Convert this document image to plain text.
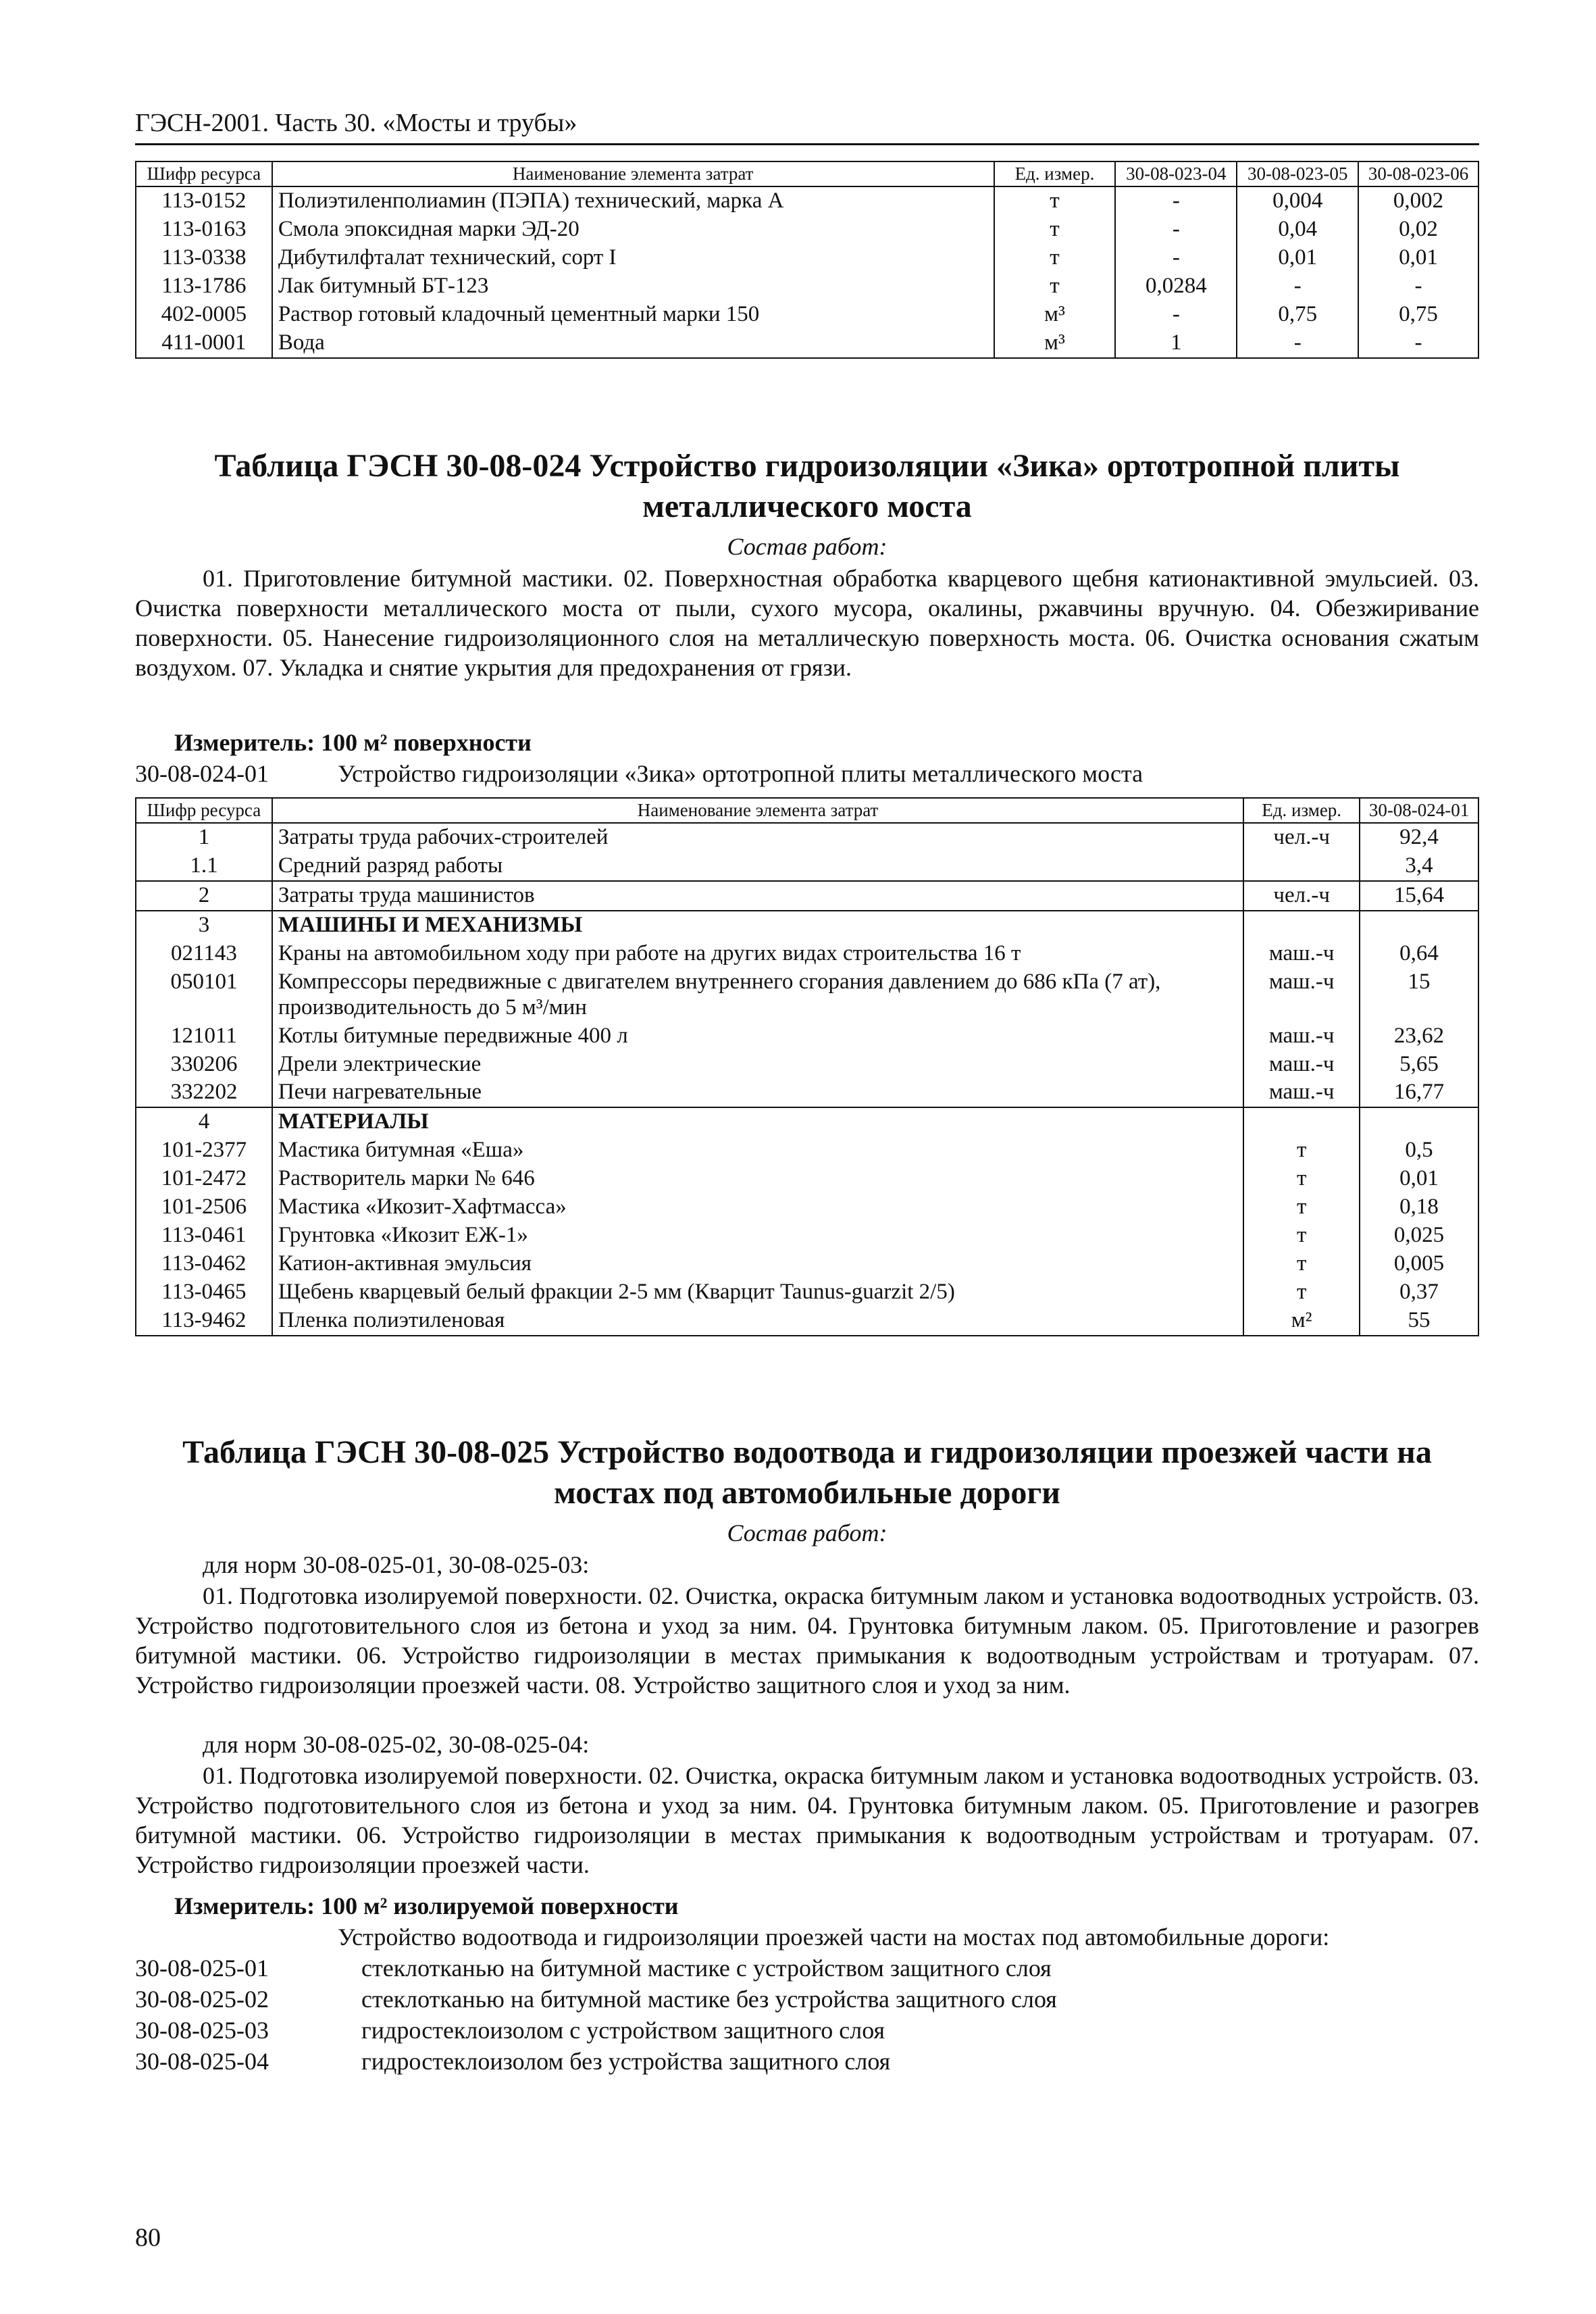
ГЭСН-2001. Часть 30. «Мосты и трубы»
Шифр ресурса	Наименование элемента затрат	Ед. измер.	30-08-023-04	30-08-023-05	30-08-023-06
113-0152	Полиэтиленполиамин (ПЭПА) технический, марка А	т	-	0,004	0,002
113-0163	Смола эпоксидная марки ЭД-20	т	-	0,04	0,02
113-0338	Дибутилфталат технический, сорт I	т	-	0,01	0,01
113-1786	Лак битумный БТ-123	т	0,0284	-	-
402-0005	Раствор готовый кладочный цементный марки 150	м³	-	0,75	0,75
411-0001	Вода	м³	1	-	-
Таблица ГЭСН 30-08-024 Устройство гидроизоляции «Зика» ортотропной плиты
металлического моста
Состав работ:
01. Приготовление битумной мастики. 02. Поверхностная обработка кварцевого щебня катионактивной эмульсией. 03. Очистка поверхности металлического моста от пыли, сухого мусора, окалины, ржавчины вручную. 04. Обезжиривание поверхности. 05. Нанесение гидроизоляционного слоя на металлическую поверхность моста. 06. Очистка основания сжатым воздухом. 07. Укладка и снятие укрытия для предохранения от грязи.
Измеритель: 100 м² поверхности
30-08-024-01	Устройство гидроизоляции «Зика» ортотропной плиты металлического моста
Шифр ресурса	Наименование элемента затрат	Ед. измер.	30-08-024-01
1	Затраты труда рабочих-строителей	чел.-ч	92,4
1.1	Средний разряд работы		3,4
2	Затраты труда машинистов	чел.-ч	15,64
3	МАШИНЫ И МЕХАНИЗМЫ		
021143	Краны на автомобильном ходу при работе на других видах строительства 16 т	маш.-ч	0,64
050101	Компрессоры передвижные с двигателем внутреннего сгорания давлением до 686 кПа (7 ат), производительность до 5 м³/мин	маш.-ч	15
121011	Котлы битумные передвижные 400 л	маш.-ч	23,62
330206	Дрели электрические	маш.-ч	5,65
332202	Печи нагревательные	маш.-ч	16,77
4	МАТЕРИАЛЫ		
101-2377	Мастика битумная «Еша»	т	0,5
101-2472	Растворитель марки № 646	т	0,01
101-2506	Мастика «Икозит-Хафтмасса»	т	0,18
113-0461	Грунтовка «Икозит ЕЖ-1»	т	0,025
113-0462	Катион-активная эмульсия	т	0,005
113-0465	Щебень кварцевый белый фракции 2-5 мм (Кварцит Taunus-guarzit 2/5)	т	0,37
113-9462	Пленка полиэтиленовая	м²	55
Таблица ГЭСН 30-08-025 Устройство водоотвода и гидроизоляции проезжей части на
мостах под автомобильные дороги
Состав работ:
для норм 30-08-025-01, 30-08-025-03:
01. Подготовка изолируемой поверхности. 02. Очистка, окраска битумным лаком и установка водоотводных устройств. 03. Устройство подготовительного слоя из бетона и уход за ним. 04. Грунтовка битумным лаком. 05. Приготовление и разогрев битумной мастики. 06. Устройство гидроизоляции в местах примыкания к водоотводным устройствам и тротуарам. 07. Устройство гидроизоляции проезжей части. 08. Устройство защитного слоя и уход за ним.
для норм 30-08-025-02, 30-08-025-04:
01. Подготовка изолируемой поверхности. 02. Очистка, окраска битумным лаком и установка водоотводных устройств. 03. Устройство подготовительного слоя из бетона и уход за ним. 04. Грунтовка битумным лаком. 05. Приготовление и разогрев битумной мастики. 06. Устройство гидроизоляции в местах примыкания к водоотводным устройствам и тротуарам. 07. Устройство гидроизоляции проезжей части.
Измеритель: 100 м² изолируемой поверхности
Устройство водоотвода и гидроизоляции проезжей части на мостах под автомобильные дороги:
30-08-025-01	стеклотканью на битумной мастике с устройством защитного слоя
30-08-025-02	стеклотканью на битумной мастике без устройства защитного слоя
30-08-025-03	гидростеклоизолом с устройством защитного слоя
30-08-025-04	гидростеклоизолом без устройства защитного слоя
80
